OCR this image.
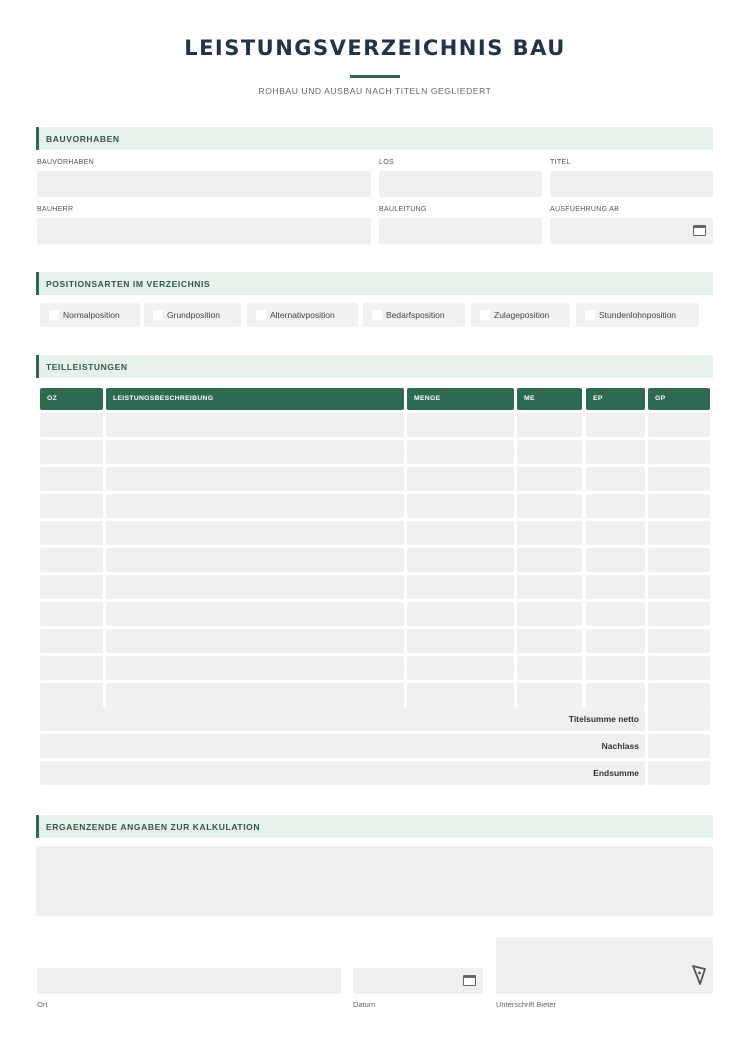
LEISTUNGSVERZEICHNIS BAU
ROHBAU UND AUSBAU NACH TITELN GEGLIEDERT
BAUVORHABEN
BAUVORHABEN	LOS	TITEL
BAUHERR	BAULEITUNG	AUSFUEHRUNG AB
POSITIONSARTEN IM VERZEICHNIS
Normalposition	Grundposition	Alternativposition	Bedarfsposition	Zulageposition	Stundenlohnposition
TEILLEISTUNGEN
OZ	LEISTUNGSBESCHREIBUNG	MENGE	ME	EP	GP
Titelsumme netto
Nachlass
Endsumme
ERGAENZENDE ANGABEN ZUR KALKULATION
Ort	Datum	Unterschrift Bieter
